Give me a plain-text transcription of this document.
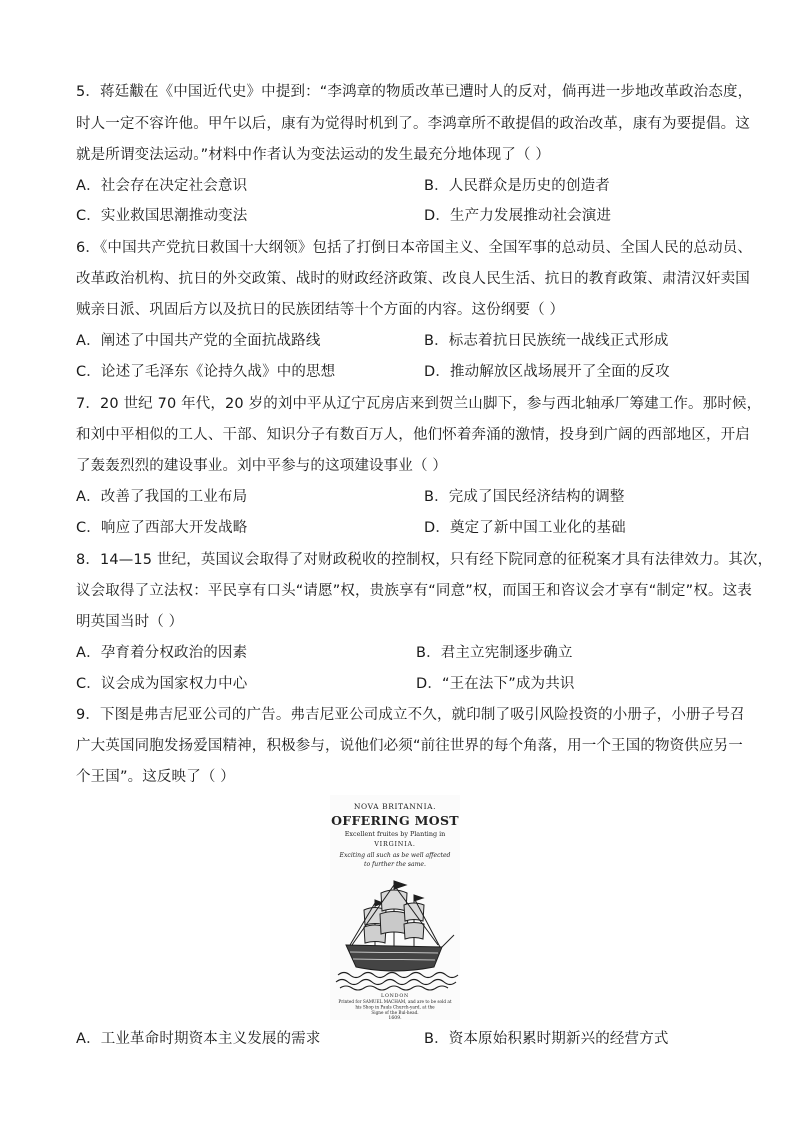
5．蒋廷黻在《中国近代史》中提到：“李鸿章的物质改革已遭时人的反对，倘再进一步地改革政治态度，
时人一定不容许他。甲午以后，康有为觉得时机到了。李鸿章所不敢提倡的政治改革，康有为要提倡。这
就是所谓变法运动。”材料中作者认为变法运动的发生最充分地体现了（ ）
A．社会存在决定社会意识	B．人民群众是历史的创造者
C．实业救国思潮推动变法	D．生产力发展推动社会演进
6．《中国共产党抗日救国十大纲领》包括了打倒日本帝国主义、全国军事的总动员、全国人民的总动员、
改革政治机构、抗日的外交政策、战时的财政经济政策、改良人民生活、抗日的教育政策、肃清汉奸卖国
贼亲日派、巩固后方以及抗日的民族团结等十个方面的内容。这份纲要（ ）
A．阐述了中国共产党的全面抗战路线	B．标志着抗日民族统一战线正式形成
C．论述了毛泽东《论持久战》中的思想	D．推动解放区战场展开了全面的反攻
7．20 世纪 70 年代，20 岁的刘中平从辽宁瓦房店来到贺兰山脚下，参与西北轴承厂筹建工作。那时候，
和刘中平相似的工人、干部、知识分子有数百万人，他们怀着奔涌的激情，投身到广阔的西部地区，开启
了轰轰烈烈的建设事业。刘中平参与的这项建设事业（ ）
A．改善了我国的工业布局	B．完成了国民经济结构的调整
C．响应了西部大开发战略	D．奠定了新中国工业化的基础
8．14—15 世纪，英国议会取得了对财政税收的控制权，只有经下院同意的征税案才具有法律效力。其次，
议会取得了立法权：平民享有口头“请愿”权，贵族享有“同意”权，而国王和咨议会才享有“制定”权。这表
明英国当时（ ）
A．孕育着分权政治的因素	B．君主立宪制逐步确立
C．议会成为国家权力中心	D．“王在法下”成为共识
9．下图是弗吉尼亚公司的广告。弗吉尼亚公司成立不久，就印制了吸引风险投资的小册子，小册子号召
广大英国同胞发扬爱国精神，积极参与，说他们必须“前往世界的每个角落，用一个王国的物资供应另一
个王国”。这反映了（ ）
NOVA BRITANNIA.
OFFERING MOST
Excellent fruites by Planting in
VIRGINIA.
Exciting all such as be well affected
to further the same.
LONDON
Printed for SAMUEL MACHAM, and are to be sold at
his Shop in Pauls Church-yard, at the
Signe of the Bul-head.
1609.
A．工业革命时期资本主义发展的需求	B．资本原始积累时期新兴的经营方式
